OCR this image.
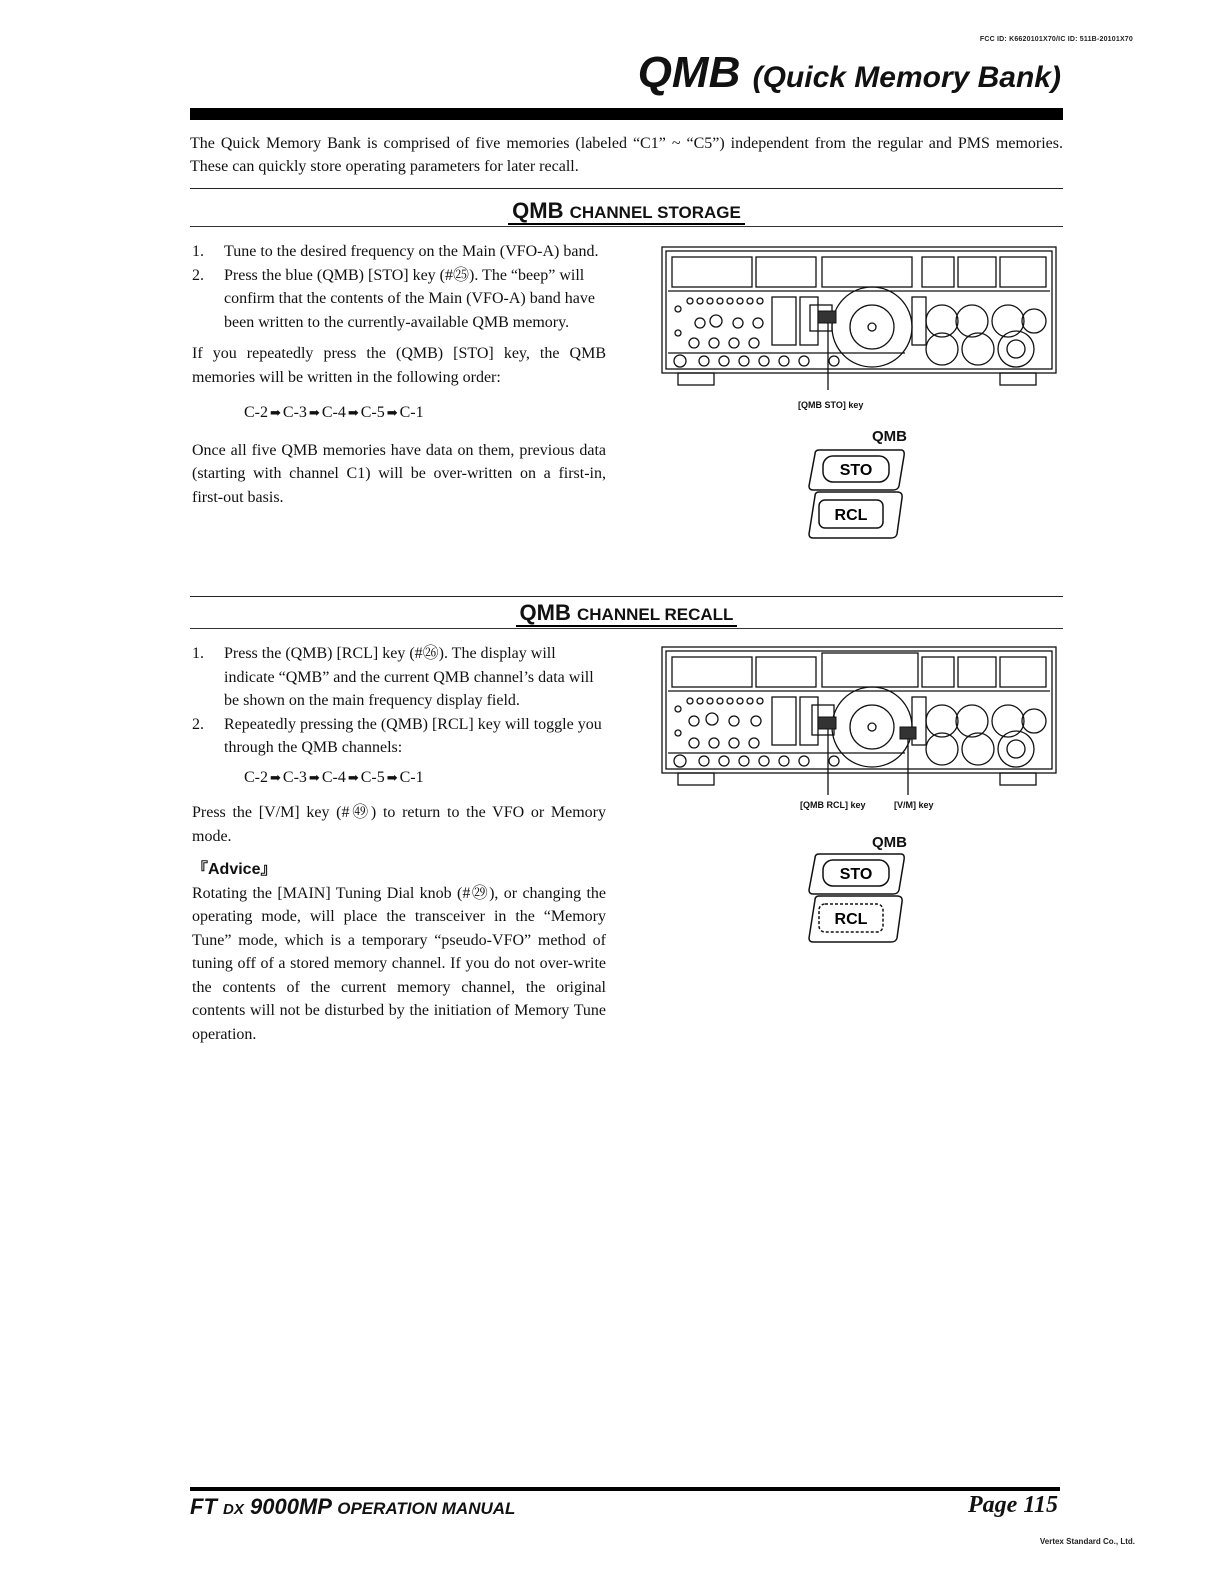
FCC ID: K6620101X70/IC ID: 511B-20101X70
QMB (Quick Memory Bank)
The Quick Memory Bank is comprised of five memories (labeled “C1” ~ “C5”) independent from the regular and PMS memories. These can quickly store operating parameters for later recall.
QMB CHANNEL STORAGE
1. Tune to the desired frequency on the Main (VFO-A) band.
2. Press the blue (QMB) [STO] key (#㉕). The “beep” will confirm that the contents of the Main (VFO-A) band have been written to the currently-available QMB memory.

If you repeatedly press the (QMB) [STO] key, the QMB memories will be written in the following order:

C-2 ➡ C-3 ➡ C-4 ➡ C-5 ➡ C-1

Once all five QMB memories have data on them, previous data (starting with channel C1) will be over-written on a first-in, first-out basis.

[QMB STO] key
QMB
STO
RCL
QMB CHANNEL RECALL
1. Press the (QMB) [RCL] key (#㉖). The display will indicate “QMB” and the current QMB channel’s data will be shown on the main frequency display field.
2. Repeatedly pressing the (QMB) [RCL] key will toggle you through the QMB channels:

C-2 ➡ C-3 ➡ C-4 ➡ C-5 ➡ C-1

Press the [V/M] key (#㊾) to return to the VFO or Memory mode.

『Advice』

Rotating the [MAIN] Tuning Dial knob (#㉙), or changing the operating mode, will place the transceiver in the “Memory Tune” mode, which is a temporary “pseudo-VFO” method of tuning off of a stored memory channel. If you do not over-write the contents of the current memory channel, the original contents will not be disturbed by the initiation of Memory Tune operation.

[QMB RCL] key	[V/M] key
QMB
STO
RCL
FT DX 9000MP OPERATION MANUAL	Page 115
Vertex Standard Co., Ltd.
